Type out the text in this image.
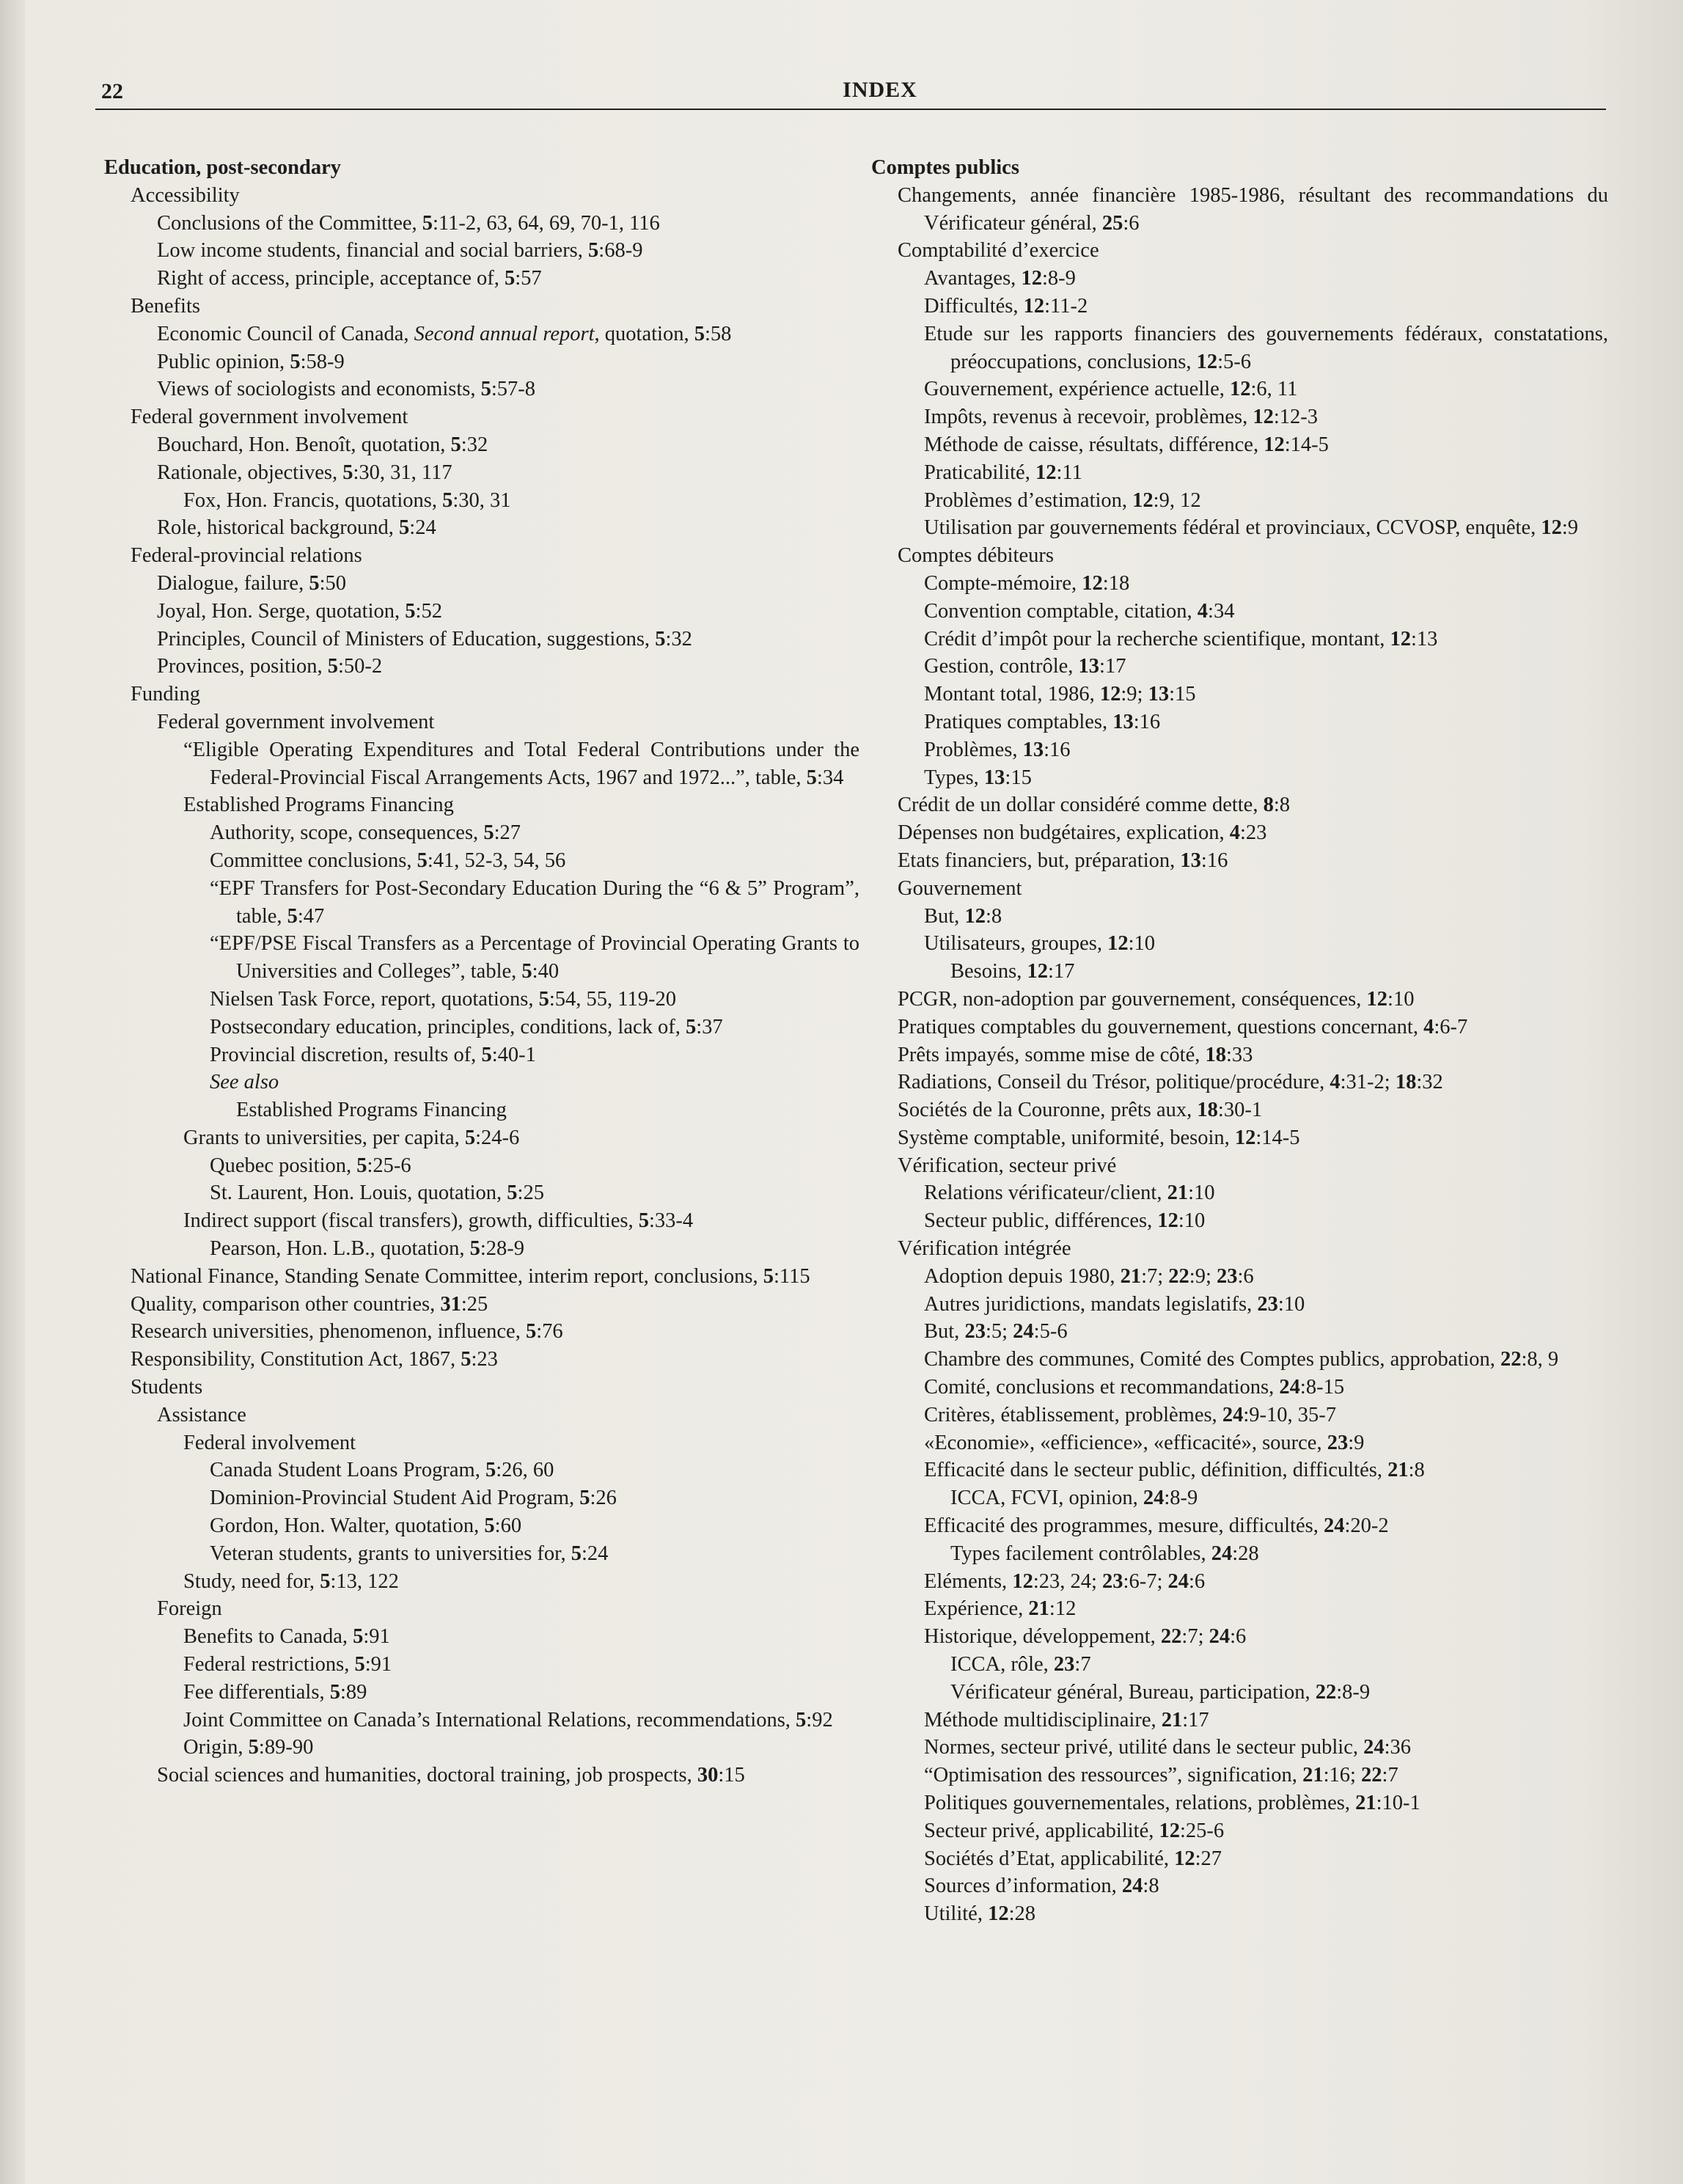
22	INDEX
Education, post-secondary
Accessibility
Conclusions of the Committee, 5:11-2, 63, 64, 69, 70-1, 116
Low income students, financial and social barriers, 5:68-9
Right of access, principle, acceptance of, 5:57
Benefits
Economic Council of Canada, Second annual report, quotation, 5:58
Public opinion, 5:58-9
Views of sociologists and economists, 5:57-8
Federal government involvement
Bouchard, Hon. Benoît, quotation, 5:32
Rationale, objectives, 5:30, 31, 117
Fox, Hon. Francis, quotations, 5:30, 31
Role, historical background, 5:24
Federal-provincial relations
Dialogue, failure, 5:50
Joyal, Hon. Serge, quotation, 5:52
Principles, Council of Ministers of Education, suggestions, 5:32
Provinces, position, 5:50-2
Funding
Federal government involvement
“Eligible Operating Expenditures and Total Federal Contributions under the Federal-Provincial Fiscal Arrangements Acts, 1967 and 1972...”, table, 5:34
Established Programs Financing
Authority, scope, consequences, 5:27
Committee conclusions, 5:41, 52-3, 54, 56
“EPF Transfers for Post-Secondary Education During the “6 & 5” Program”, table, 5:47
“EPF/PSE Fiscal Transfers as a Percentage of Provincial Operating Grants to Universities and Colleges”, table, 5:40
Nielsen Task Force, report, quotations, 5:54, 55, 119-20
Postsecondary education, principles, conditions, lack of, 5:37
Provincial discretion, results of, 5:40-1
See also
Established Programs Financing
Grants to universities, per capita, 5:24-6
Quebec position, 5:25-6
St. Laurent, Hon. Louis, quotation, 5:25
Indirect support (fiscal transfers), growth, difficulties, 5:33-4
Pearson, Hon. L.B., quotation, 5:28-9
National Finance, Standing Senate Committee, interim report, conclusions, 5:115
Quality, comparison other countries, 31:25
Research universities, phenomenon, influence, 5:76
Responsibility, Constitution Act, 1867, 5:23
Students
Assistance
Federal involvement
Canada Student Loans Program, 5:26, 60
Dominion-Provincial Student Aid Program, 5:26
Gordon, Hon. Walter, quotation, 5:60
Veteran students, grants to universities for, 5:24
Study, need for, 5:13, 122
Foreign
Benefits to Canada, 5:91
Federal restrictions, 5:91
Fee differentials, 5:89
Joint Committee on Canada’s International Relations, recommendations, 5:92
Origin, 5:89-90
Social sciences and humanities, doctoral training, job prospects, 30:15
Comptes publics
Changements, année financière 1985-1986, résultant des recommandations du Vérificateur général, 25:6
Comptabilité d’exercice
Avantages, 12:8-9
Difficultés, 12:11-2
Etude sur les rapports financiers des gouvernements fédéraux, constatations, préoccupations, conclusions, 12:5-6
Gouvernement, expérience actuelle, 12:6, 11
Impôts, revenus à recevoir, problèmes, 12:12-3
Méthode de caisse, résultats, différence, 12:14-5
Praticabilité, 12:11
Problèmes d’estimation, 12:9, 12
Utilisation par gouvernements fédéral et provinciaux, CCVOSP, enquête, 12:9
Comptes débiteurs
Compte-mémoire, 12:18
Convention comptable, citation, 4:34
Crédit d’impôt pour la recherche scientifique, montant, 12:13
Gestion, contrôle, 13:17
Montant total, 1986, 12:9; 13:15
Pratiques comptables, 13:16
Problèmes, 13:16
Types, 13:15
Crédit de un dollar considéré comme dette, 8:8
Dépenses non budgétaires, explication, 4:23
Etats financiers, but, préparation, 13:16
Gouvernement
But, 12:8
Utilisateurs, groupes, 12:10
Besoins, 12:17
PCGR, non-adoption par gouvernement, conséquences, 12:10
Pratiques comptables du gouvernement, questions concernant, 4:6-7
Prêts impayés, somme mise de côté, 18:33
Radiations, Conseil du Trésor, politique/procédure, 4:31-2; 18:32
Sociétés de la Couronne, prêts aux, 18:30-1
Système comptable, uniformité, besoin, 12:14-5
Vérification, secteur privé
Relations vérificateur/client, 21:10
Secteur public, différences, 12:10
Vérification intégrée
Adoption depuis 1980, 21:7; 22:9; 23:6
Autres juridictions, mandats legislatifs, 23:10
But, 23:5; 24:5-6
Chambre des communes, Comité des Comptes publics, approbation, 22:8, 9
Comité, conclusions et recommandations, 24:8-15
Critères, établissement, problèmes, 24:9-10, 35-7
«Economie», «efficience», «efficacité», source, 23:9
Efficacité dans le secteur public, définition, difficultés, 21:8
ICCA, FCVI, opinion, 24:8-9
Efficacité des programmes, mesure, difficultés, 24:20-2
Types facilement contrôlables, 24:28
Eléments, 12:23, 24; 23:6-7; 24:6
Expérience, 21:12
Historique, développement, 22:7; 24:6
ICCA, rôle, 23:7
Vérificateur général, Bureau, participation, 22:8-9
Méthode multidisciplinaire, 21:17
Normes, secteur privé, utilité dans le secteur public, 24:36
“Optimisation des ressources”, signification, 21:16; 22:7
Politiques gouvernementales, relations, problèmes, 21:10-1
Secteur privé, applicabilité, 12:25-6
Sociétés d’Etat, applicabilité, 12:27
Sources d’information, 24:8
Utilité, 12:28
